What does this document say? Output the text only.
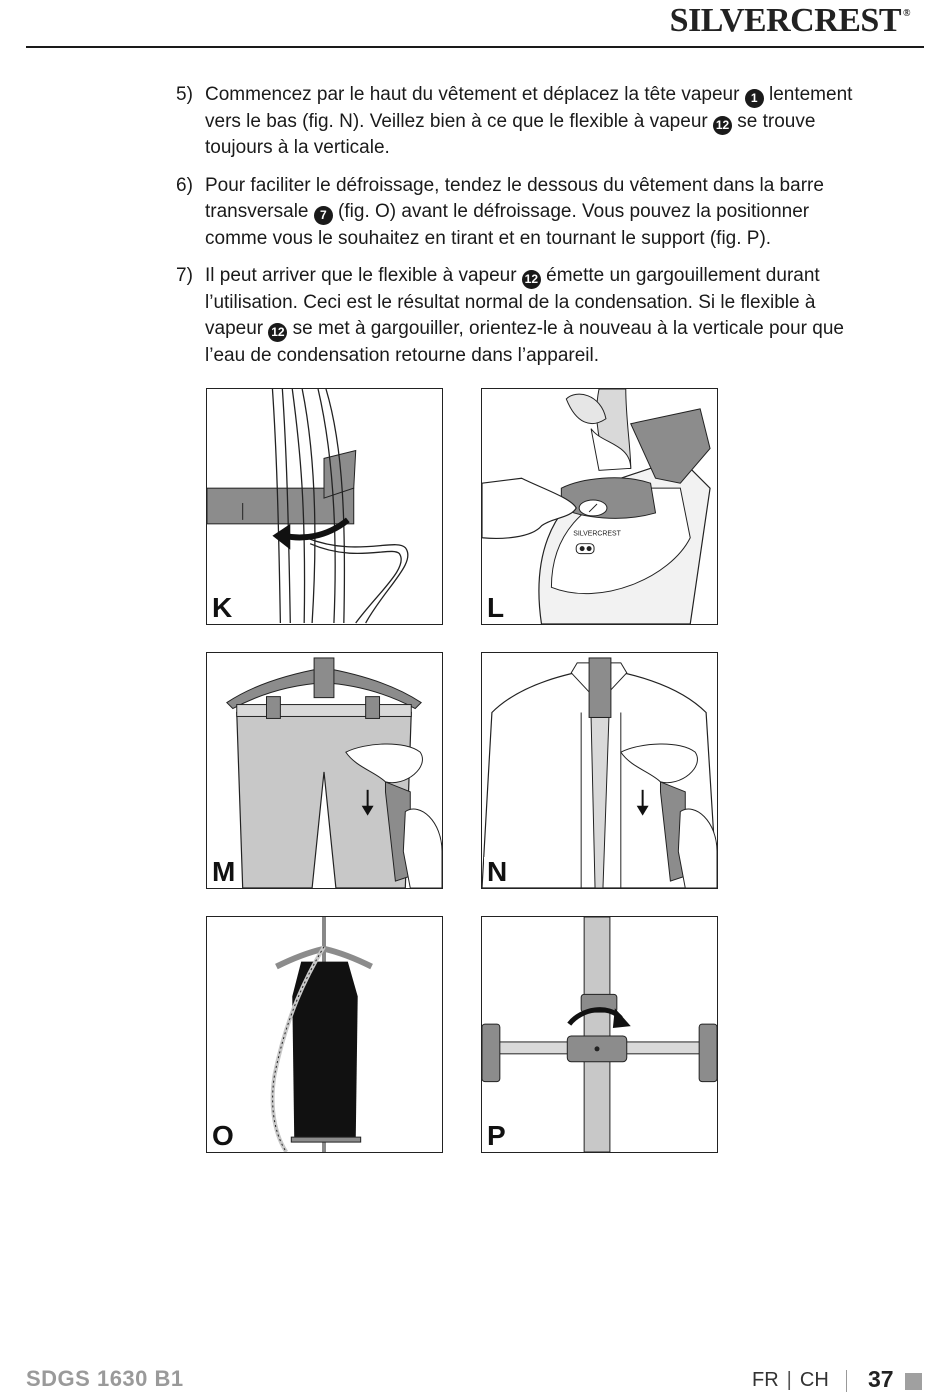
SILVERCREST ®
5) Commencez par le haut du vêtement et déplacez la tête vapeur 1 lentement vers le bas (fig. N). Veillez bien à ce que le flexible à vapeur 12 se trouve toujours à la verticale.
6) Pour faciliter le défroissage, tendez le dessous du vêtement dans la barre transversale 7 (fig. O) avant le défroissage. Vous pouvez la positionner comme vous le souhaitez en tirant et en tournant le support (fig. P).
7) Il peut arriver que le flexible à vapeur 12 émette un gargouillement durant l’utilisation. Ceci est le résultat normal de la condensation. Si le flexible à vapeur 12 se met à gargouiller, orientez-le à nouveau à la verticale pour que l’eau de condensation retourne dans l’appareil.
K
SILVERCREST
L
M	N
O	P
SDGS 1630 B1	FR | CH 37
